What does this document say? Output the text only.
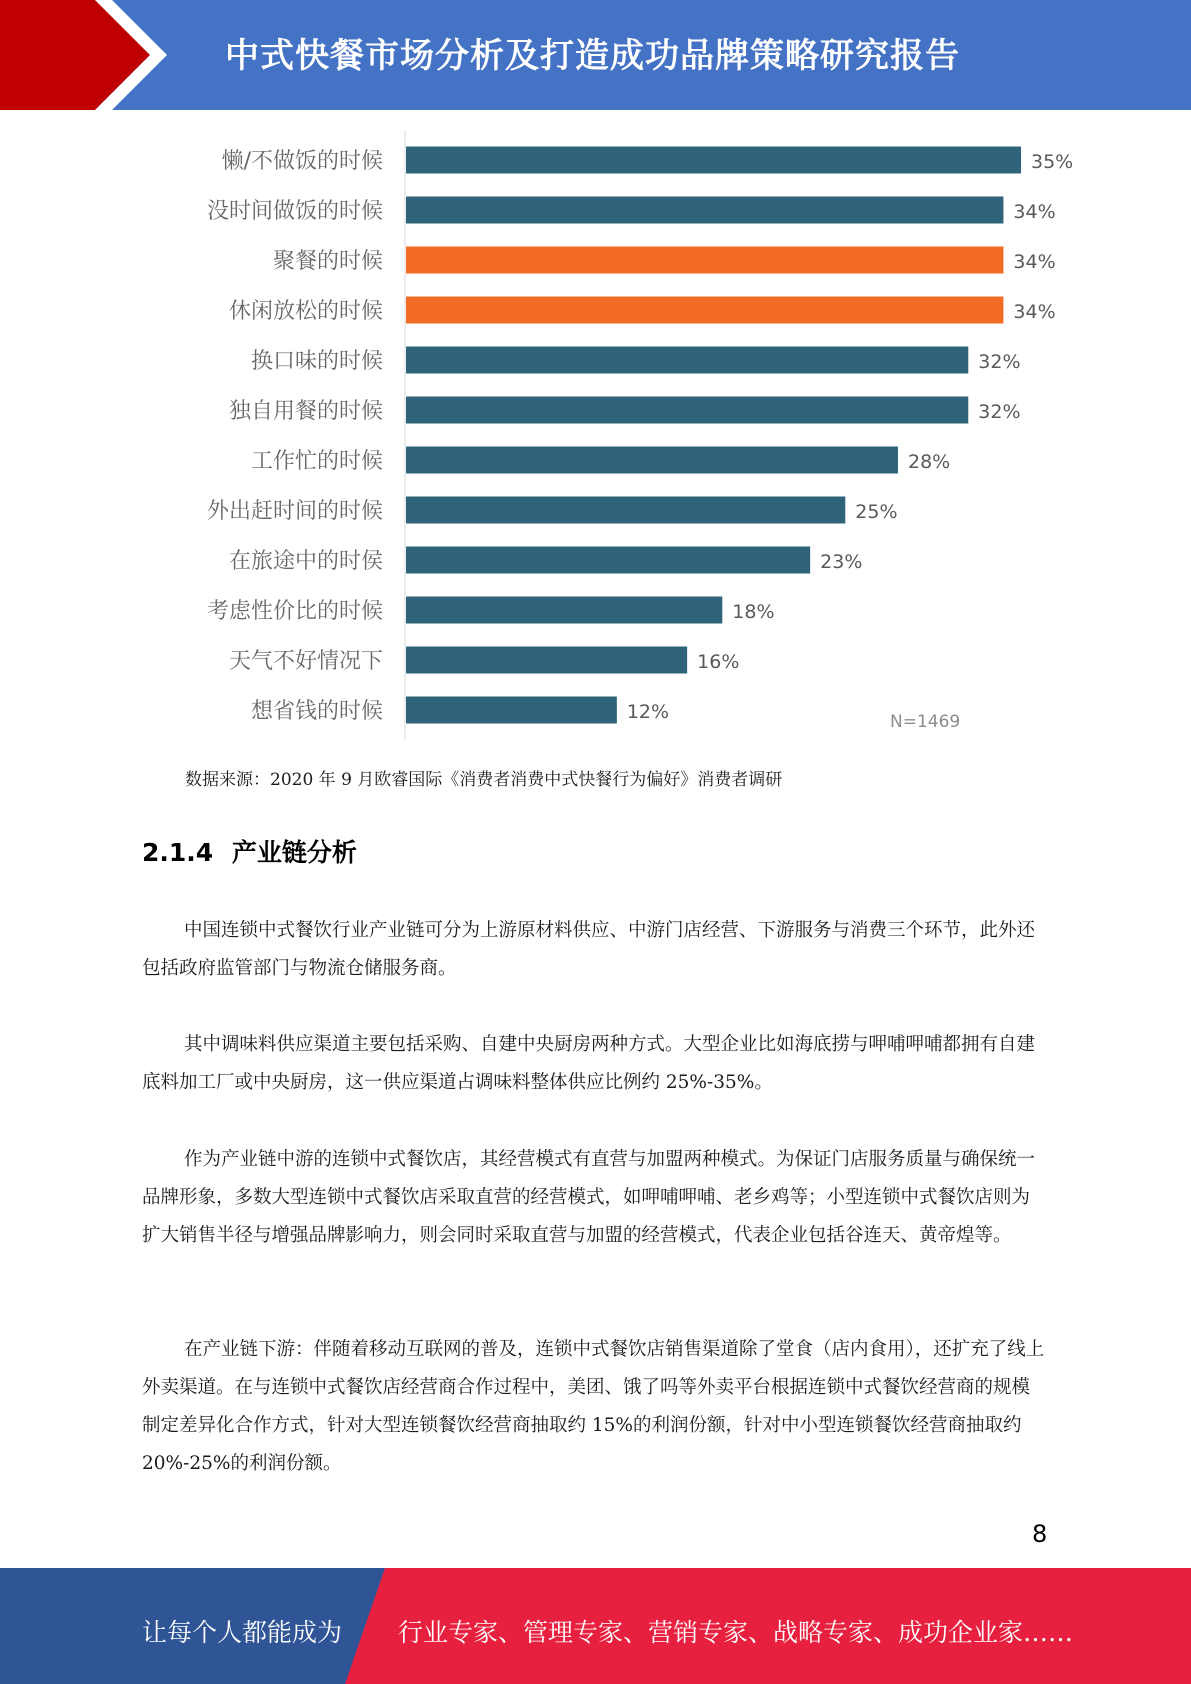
中式快餐市场分析及打造成功品牌策略研究报告
懒/不做饭的时候	35%
没时间做饭的时候	34%
聚餐的时候	34%
休闲放松的时候	34%
换口味的时候	32%
独自用餐的时候	32%
工作忙的时候	28%
外出赶时间的时候	25%
在旅途中的时侯	23%
考虑性价比的时候	18%
天气不好情况下	16%
想省钱的时候	12%	N=1469
数据来源：2020 年 9 月欧睿国际《消费者消费中式快餐行为偏好》消费者调研
2.1.4 产业链分析

中国连锁中式餐饮行业产业链可分为上游原材料供应、中游门店经营、下游服务与消费三个环节，此外还包括政府监管部门与物流仓储服务商。

其中调味料供应渠道主要包括采购、自建中央厨房两种方式。大型企业比如海底捞与呷哺呷哺都拥有自建底料加工厂或中央厨房，这一供应渠道占调味料整体供应比例约 25%-35%。

作为产业链中游的连锁中式餐饮店，其经营模式有直营与加盟两种模式。为保证门店服务质量与确保统一品牌形象，多数大型连锁中式餐饮店采取直营的经营模式，如呷哺呷哺、老乡鸡等；小型连锁中式餐饮店则为扩大销售半径与增强品牌影响力，则会同时采取直营与加盟的经营模式，代表企业包括谷连天、黄帝煌等。

在产业链下游：伴随着移动互联网的普及，连锁中式餐饮店销售渠道除了堂食（店内食用），还扩充了线上外卖渠道。在与连锁中式餐饮店经营商合作过程中，美团、饿了吗等外卖平台根据连锁中式餐饮经营商的规模制定差异化合作方式，针对大型连锁餐饮经营商抽取约 15%的利润份额，针对中小型连锁餐饮经营商抽取约 20%-25%的利润份额。

8
让每个人都能成为 行业专家、管理专家、营销专家、战略专家、成功企业家……
